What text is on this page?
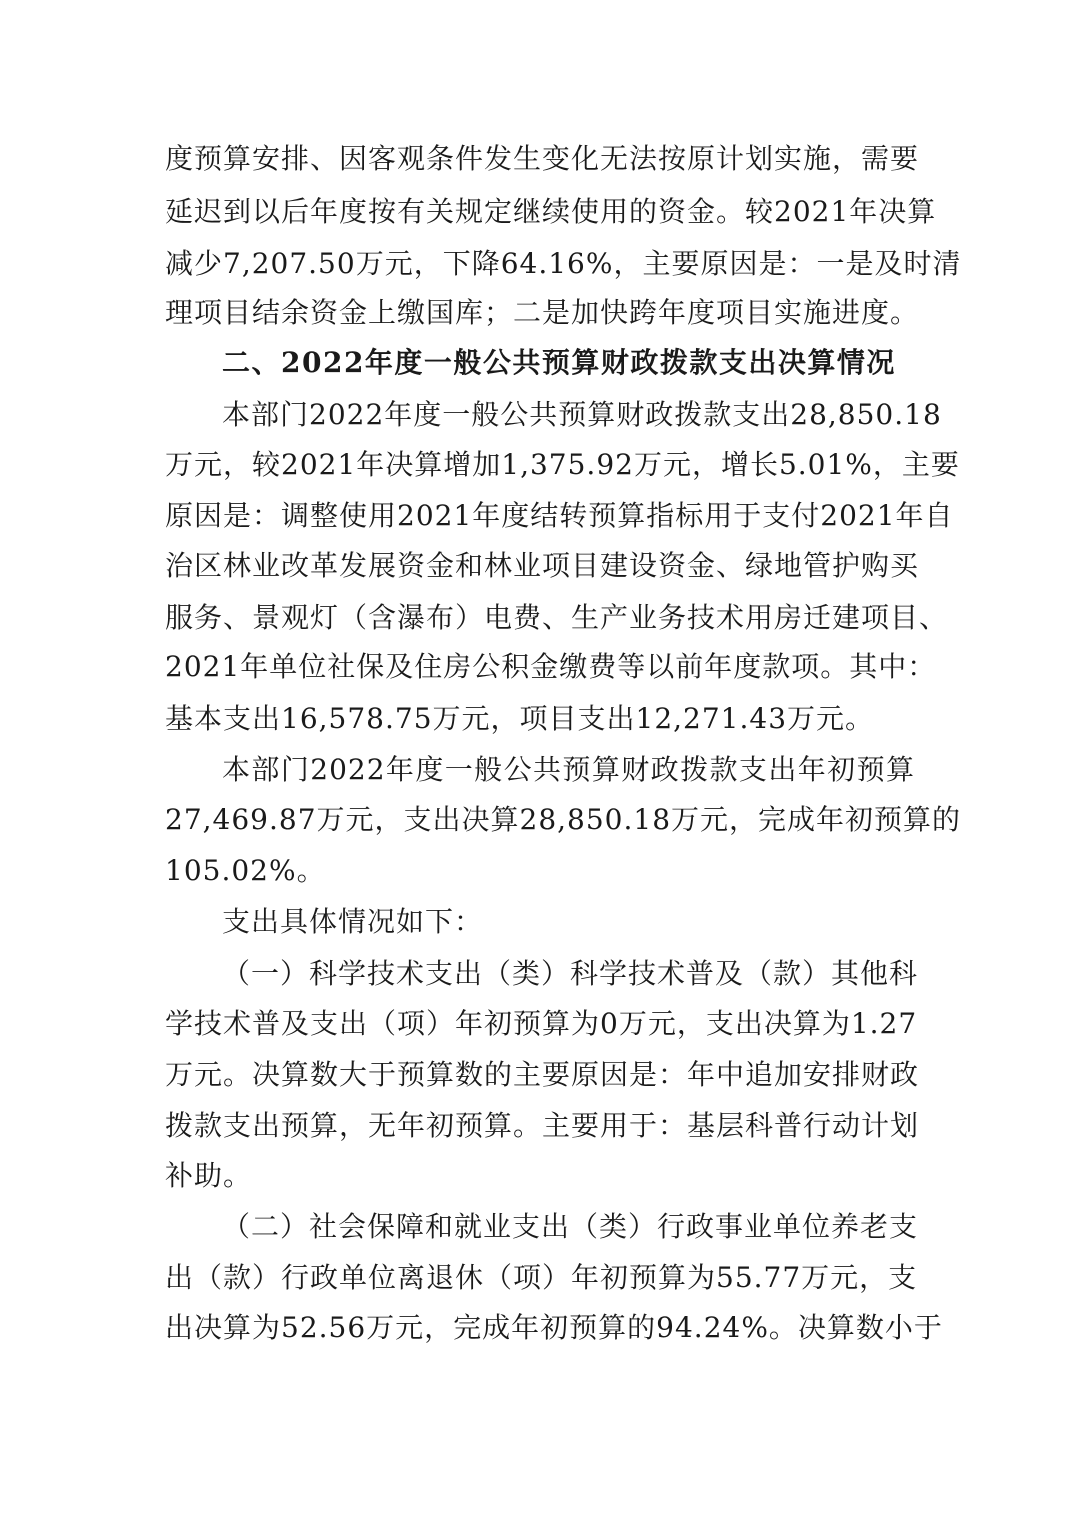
度预算安排、因客观条件发生变化无法按原计划实施，需要
延迟到以后年度按有关规定继续使用的资金。较2021年决算
减少7,207.50万元，下降64.16%，主要原因是：一是及时清
理项目结余资金上缴国库；二是加快跨年度项目实施进度。
二、2022年度一般公共预算财政拨款支出决算情况
本部门2022年度一般公共预算财政拨款支出28,850.18
万元，较2021年决算增加1,375.92万元，增长5.01%，主要
原因是：调整使用2021年度结转预算指标用于支付2021年自
治区林业改革发展资金和林业项目建设资金、绿地管护购买
服务、景观灯（含瀑布）电费、生产业务技术用房迁建项目、
2021年单位社保及住房公积金缴费等以前年度款项。其中：
基本支出16,578.75万元，项目支出12,271.43万元。
本部门2022年度一般公共预算财政拨款支出年初预算
27,469.87万元，支出决算28,850.18万元，完成年初预算的
105.02%。
支出具体情况如下：
（一）科学技术支出（类）科学技术普及（款）其他科
学技术普及支出（项）年初预算为0万元，支出决算为1.27
万元。决算数大于预算数的主要原因是：年中追加安排财政
拨款支出预算，无年初预算。主要用于：基层科普行动计划
补助。
（二）社会保障和就业支出（类）行政事业单位养老支
出（款）行政单位离退休（项）年初预算为55.77万元，支
出决算为52.56万元，完成年初预算的94.24%。决算数小于
